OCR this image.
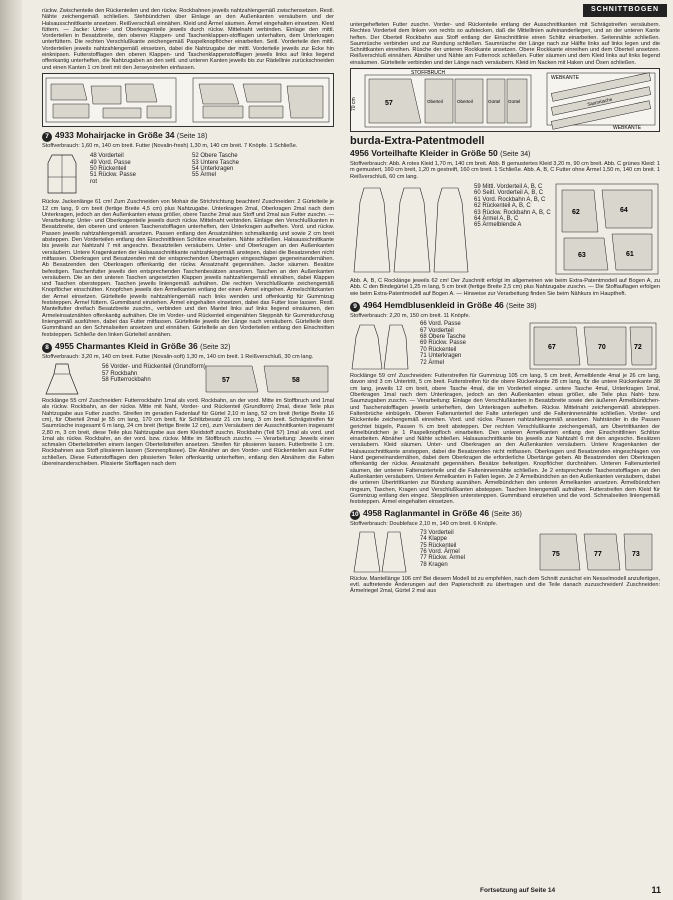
SCHNITTBOGEN

rückw. Zwischenteile den Rückenteilen und den rückw. Rockbahnen jeweils nahtzahlengemäß zwischensetzen. Restl. Nähte zeichengemäß schließen. Stehbündchen über Einlage an den Außenkanten versäubern und der Halsausschnittkante ansetzen. Reißverschluß einnähen. Kleid und Ärmel säumen. Ärmel eingehalten einsetzen. Kleid füttern. — Jacke: Unter- und Oberkragenteile jeweils durch rückw. Mittelnaht verbinden. Einlage den mittl. Vorderteilen in Besatzbreite, den oberen Klappen- und Taschenklappen-stofflagen unterhalten, dem Unterkragen unterfüttern. Die rechten Verschlußkante zeichengemäß Paspelknopflöcher einarbeiten. Seitl. Vorderteile den mittl. Vorderteilen jeweils nahtzahlengemäß einsetzen, dabei die Nahtzugabe der mittl. Vorderteile jeweils zur Ecke hin einknipsen. Futterstofflagen den oberen Klappen- und Taschenklappenstofflagen jeweils links auf links liegend offenkantig unterheften, die Nahtzugaben an den seitl. und unteren Kanten jeweils bis zur Rädellinie zurückschneiden und einen Kanten 1 cm breit mit den Jerseystreifen einfassen.

7 4933 Mohairjacke in Größe 34 (Seite 18)

Stoffverbrauch: 1,60 m, 140 cm breit. Futter (Novalin-fresh) 1,30 m, 140 cm breit. 7 Knöpfe. 1 Schließe.

48 Vorderteil
49 Vord. Passe
50 Rückenteil
51 Rückw. Passe
rot
52 Obere Tasche
53 Untere Tasche
54 Unterkragen
55 Ärmel

Rückw. Jackenlänge 61 cm! Zum Zuschneiden von Mohair die Strichrichtung beachten! Zuschneiden: 2 Gürtelteile je 12 cm lang, 9 cm breit (fertige Breite 4,5 cm) plus Nahtzugabe. Unterkragen 2mal, Oberkragen 2mal nach dem Unterkragen, jedoch an den Außenkanten etwas größer, obere Tasche 2mal aus Stoff und 2mal aus Futter zuschn. — Verarbeitung: Unter- und Oberkragenteile jeweils durch rückw. Mittelnaht verbinden. Einlage den Verschlußkanten in Besatzbreite, den oberen und unteren Taschenstofflagen unterheften, den Unterkragen aufheften. Vord. und rückw. Passen jeweils nahtzahlengemäß ansetzen. Passen entlang den Ansatznähten schmalkantig und sowie 2 cm breit absteppen. Den Vorderteilen entlang den Einschnittlinien Schlitze einarbeiten. Nähte schließen. Halsausschnittkante bis jeweils zur Nahtzahl 7 mit angeschn. Besatzteilen versäubern. Unter- und Oberkragen an den Außenkanten versäubern. Untere Kragenkanten der Halsausschnittkante nahtzahlengemäß anstepen, dabei die Besatzenden nicht mitfassen. Oberkragen und Besatzenden mit der entsprechenden Übertragen eingeschlagen gegeneinandernähen. Ab Besatzenden den Oberkragen offenkantig der rückw. Ansatznaht gegennähen. Jacke säumen. Besätze befestigen. Taschenfutter jeweils den entsprechenden Taschenbesätzen ansetzen. Taschen an den Außenkanten versäubern. Die an den unteren Taschen angesetzten Klappen jeweils nahtzahlengemäß einnähen, dabei Klappen und Taschen obersteppen. Taschen jeweils liniengemäß aufnähen. Die rechten Verschlußkante zeichengemäß Knopflöcher einschütten. Knopfchen jeweils den Ärmelkanten entlang der einen Ärmel eingehen. Ärmelschlitzkanten der Armel einsetzen. Gürtelteile jeweils nahtzahlengemäß nach links wenden und offenkantig für Gummizug feststeppen. Ärmel füttern. Gummiband einziehen. Ärmel eingehalten einsetzen, dabei das Futter lose lassen. Restl. Mantelfutter dreifach Besatzbreite zuschn., verbinden und den Mantel links auf links liegend einsäumen, den Armeleinsatznähten offenkantig aufnähen. Die im Vorder- und Rückenteil eingenähten Steppnäh für Gummidurchzug liniengemäß ausführen, dabei das Futter mitfassen. Gürtelteile jeweils der Länge nach versäubern. Gürtelteile dem Gummiband an den Schmalseiten ansetzen und einnähen. Gürtelteile an den Vorderteilen entlang den Einschnitten feststeppen. Schließe den linken Gürtelteil annähen.

8 4955 Charmantes Kleid in Größe 36 (Seite 32)

Stoffverbrauch: 3,20 m, 140 cm breit. Futter (Novalin-soft) 1,30 m, 140 cm breit. 1 Reißverschluß, 30 cm lang.

56 Vorder- und Rückenteil (Grundform)
57 Rockbahn
58 Futterrockbahn	57	58

Rocklänge 55 cm! Zuschneiden: Futterrockbahn 1mal als vord. Rockbahn, an der vord. Mitte im Stoffbruch und 1mal als rückw. Rockbahn, an der rückw. Mitte mit Naht, Vorder- und Rückenteil (Grundform) 2mal, diese Teile plus Nahtzugabe aus Futter zuschn. Streifen im geraden Fadenlauf für Gürtel 2,10 m lang, 52 cm breit (fertige Breite 16 cm), für Oberteil 2mal je 55 cm lang, 170 cm breit, für Schlitzbesatz 21 cm lang, 3 cm breit. Schrägstreifen für Saumrüsche insgesamt 6 m lang, 24 cm breit (fertige Breite 12 cm), zum Versäubern der Ausschnittkanten insgesamt 2,80 m, 3 cm breit, diese Teile plus Nahtzugabe aus dem Kleidstoff zuschn. Rockbahn (Teil 57) 1mal als vord. und 1mal als rückw. Rockbahn, an der vord. bzw. rückw. Mitte im Stoffbruch zuschn. — Verarbeitung: Jeweils einen schmalen Oberteilstreifen einem langen Oberteilstreifen ansetzen. Streifen für plissieren lassen. Futterbreite 1 cm. Rockbahnen aus Stoff plissieren lassen (Sonnenplissee). Die Abnäher an den Vorder- und Rückenteilen aus Futter schließen. Diese Futterstofflagen den plissierten Teilen offenkantig unterheften, entlang den Abnähern die Falten übereinanderschieben. Plissierte Stofflagen nach dem

untergehefteten Futter zuschn. Vorder- und Rückenteile entlang der Ausschnittkanten mit Schrägstreifen versäubern. Rechtes Vorderteil dem linken von rechts so aufstecken, daß die Mittellinien aufeinanderliegen, und an der unteren Kante heften. Der Oberteil Rockbahn aus Stoff entlang der Einschnittlinie einen Schlitz einarbeiten. Seitennähte schließen. Saumrüsche verbinden und zur Rundung schließen. Saumrüsche der Länge nach zur Hälfte links auf links legen und die Schnittkanten einreihen. Rüsche der unteren Rockkante ansetzen. Obere Rockkante einreihen und dem Oberteil ansetzen. Reißverschluß einnähen. Abnäher und Nähte am Futterrock schließen. Futter säumen und dem Kleid links auf links liegend einsäumen. Gürtelteile verbinden und der Länge nach versäubern. Kleid im Nacken mit Haken und Ösen schließen.

70 cm
STOFFBRUCH
57	Oberteil	Oberteil	Gürtel Gürtel
WEBKANTE
WEBKANTE
Saumrüsche
burda-Extra-Patentmodell
4956 Vorteilhafte Kleider in Größe 50 (Seite 34)

Stoffverbrauch: Abb. A rotes Kleid 1,70 m, 140 cm breit. Abb. B gemustertes Kleid 3,20 m, 90 cm breit. Abb. C grünes Kleid: 1 m gemustert, 160 cm breit, 1,20 m gestreift, 160 cm breit. 1 Schließe. Abb. A, B, C Futter ohne Ärmel 1,50 m, 140 cm breit. 1 Reißverschluß, 60 cm lang.

59 Mittl. Vorderteil A, B, C
60 Seitl. Vorderteil A, B, C
61 Vord. Rockbahn A, B, C
62 Rückenteil A, B, C
63 Rückw. Rockbahn A, B, C
64 Ärmel A, B, C
65 Ärmelblende A
62	64
63	61

Abb. A, B, C Rocklänge jeweils 62 cm! Der Zuschnitt erfolgt im allgemeinen wie beim Extra-Patentmodell auf Bogen A, zu Abb. C den Bindegürtel 1,25 m lang, 5 cm breit (fertige Breite 2,5 cm) plus Nahtzugabe zuschn. — Die Stoffauflagen erfolgen wie beim Extra-Patentmodell auf Bogen A. — Hinweise zur Verarbeitung finden Sie beim Nähkurs im Hauptheft.

9 4964 Hemdblusenkleid in Größe 46 (Seite 38)

Stoffverbrauch: 2,20 m, 150 cm breit. 11 Knöpfe.

66 Vord. Passe
67 Vorderteil
68 Obere Tasche
69 Rückw. Passe
70 Rückenteil
71 Unterkragen
72 Ärmel
67	70	72

Rocklänge 59 cm! Zuschneiden: Futterstreifen für Gummizug 105 cm lang, 5 cm breit, Ärmelblende 4mal je 26 cm lang, davon sind 3 cm Untertritt, 5 cm breit. Futterstreifen für die obere Rückenkante 28 cm lang, für die untere Rückenkante 38 cm lang, jeweils 12 cm breit, obere Tasche 4mal, die im Vorderteil eingez. untere Tasche 4mal, Unterkragen 1mal, Oberkragen 1mal nach dem Unterkragen, jedoch an den Außenkanten etwas größer, alle Teile plus Naht- bzw. Saumzugaben zuschn. — Verarbeitung: Einlage den Verschlußkanten in Besatzbreite sowie den äußeren Ärmelbündchen- und Taschenstofflagen jeweils unterheften, den Unterkragen aufheften. Rückw. Mittelnaht zeichengemäß absteppen. Faltenbrüche einbügeln. Oberen Faltenunterteil der Falte unterlegen und die Falteninnennähte schließen. Vorder- und Rückenteile zeichengemäß einreihen. Vord. und rückw. Passen nahtzahlengemäß ansetzen. Nahtränder in die Passen gerichtet bügeln, Passen ¾ cm breit absteppen. Der rechten Verschlußkante zeichengemäß, am Übertrittkanten der Ärmelbündchen je 1 Paspelknopfloch einarbeiten. Den unteren Ärmelkanten entlang den Einschnittlinien Schlitze einarbeiten. Abnäher und Nähte schließen. Halsausschnittkante bis jeweils zur Nahtzahl 6 mit den angeschn. Besätzen versäubern. Kleid säumen. Unter- und Oberkragen an den Außenkanten versäubern. Untere Kragenkanten der Halsausschnittkante ansteppen, dabei die Besatzenden nicht mitfassen. Oberkragen und Besatzenden eingeschlagen von Hand gegeneinandernähen, dabei dem Oberkragen die erforderliche Übertänge geben. Ab Besatzenden den Oberkragen offenkantig der rückw. Ansatznaht gegennähen. Besätze befestigen. Knopflöcher durchnähen. Unteren Faltenunterteil säumen, der unteren Faltenunterteile und die Falteninnennähte schließen. Je 2 entsprechende Taschenstofflagen an den Außenkanten versäubern. Untere Armelkanten in Falten legen. Je 2 Ärmelbündchen an den Außenkanten versäubern, dabei die unteren Übertrittkanten zur Bündung ausnähen. Ärmelbündchen den unteren Ärmelkanten ansetzen. Ärmelbündchen ringsum, Taschen, Kragen und Verschlußkanten absteppen. Taschen liniengemäß aufnähen. Futterstreifen dem Kleid für Gummizug entlang den eingez. Stepplinien unterstenppen. Gummiband einziehen und die vord. Schmalseiten liniengemäß feststeppen. Ärmel eingehalten einsetzen.

10 4958 Raglanmantel in Größe 46 (Seite 36)

Stoffverbrauch: Doubleface 2,10 m, 140 cm breit. 6 Knöpfe.

73 Vorderteil
74 Klappe
75 Rückenteil
76 Vord. Ärmel
77 Rückw. Ärmel
78 Kragen
75	77	73

Rückw. Mantellänge 106 cm! Bei diesem Modell ist zu empfehlen, nach dem Schnitt zunächst ein Nesselmodell anzufertigen, evtl. auftretende Änderungen auf den Papierschnitt zu übertragen und die Teile danach zuzuschneiden! Zuschneiden: Ärmelriegel 2mal, Gürtel 2 mal aus

Fortsetzung auf Seite 14	11
